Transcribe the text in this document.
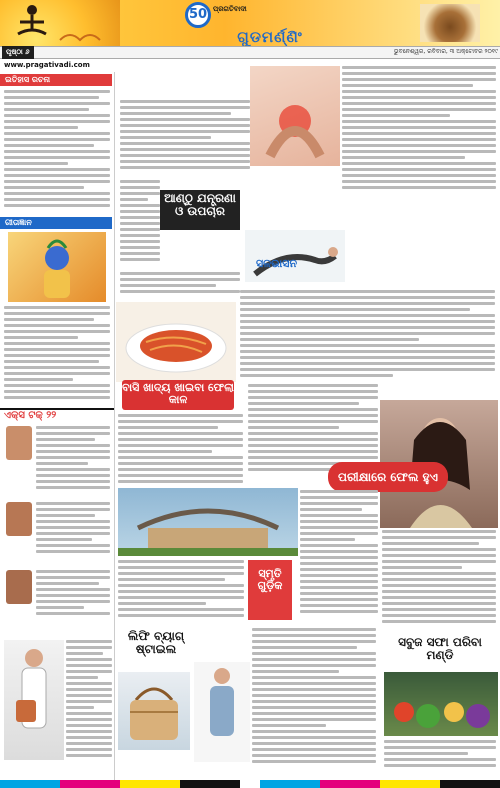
50 ପ୍ରଗତିବାଦୀ
ଗୁଡମର୍ଣ୍ଣିଂ
ପୃଷ୍ଠା ୬	ଭୁବନେଶ୍ୱର, ରବିବାର, ୩ ଅକ୍ଟୋବର ୨୦୧୯
www.pragativadi.com
ଇତିହାସ ରଚନା
ଗୀତାଜ୍ଞାନ
ଏକ୍ସ ଟକ୍ ୨୨
ଆଣ୍ଠୁ ଯନ୍ତ୍ରଣା ଓ ଉପଚାର
ସଳଭାସନ
ବାସି ଖାଦ୍ୟ ଖାଇବା ଫେଲା କାଳ
ପରୀକ୍ଷାରେ ଫେଲ ହୁଏ
ସ୍ମୃତି ଗୁଡ଼ିକ
ଲିଫି ବ୍ୟାଗ୍ ଷ୍ଟାଇଲ
ସବୁଜ ସଫା ପରିବା ମଣ୍ଡି
